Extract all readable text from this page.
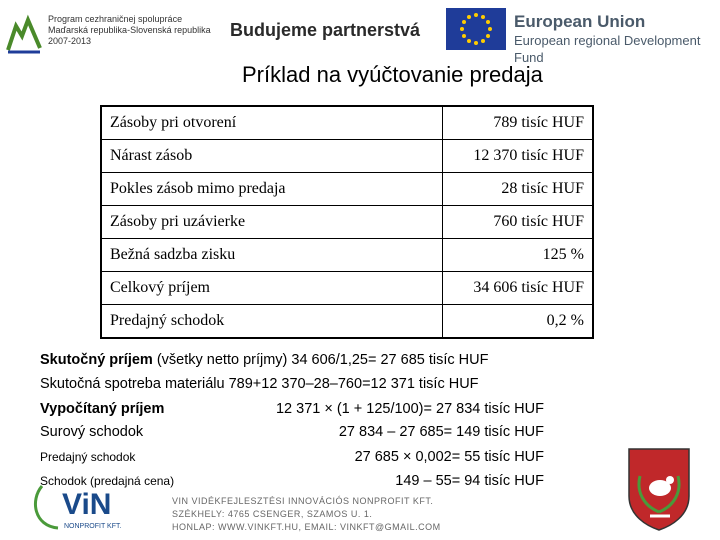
Program cezhraničnej spolupráce
Maďarská republika-Slovenská republika
2007-2013
Budujeme partnerstvá	European Union
European regional Development Fund
Príklad na vyúčtovanie predaja
Zásoby pri otvorení	789 tisíc HUF
Nárast zásob	12 370 tisíc HUF
Pokles zásob mimo predaja	28 tisíc HUF
Zásoby pri uzávierke	760 tisíc HUF
Bežná sadzba zisku	125 %
Celkový príjem	34 606 tisíc HUF
Predajný schodok	0,2 %
Skutočný príjem (všetky netto príjmy) 34 606/1,25= 27 685 tisíc HUF
Skutočná spotreba materiálu 789+12 370–28–760=12 371 tisíc HUF
Vypočítaný príjem	12 371 × (1 + 125/100)= 27 834 tisíc HUF
Surový schodok	27 834 – 27 685= 149 tisíc HUF
Predajný schodok	27 685 × 0,002= 55 tisíc HUF
Schodok (predajná cena)	149 – 55= 94 tisíc HUF
ViN
NONPROFIT KFT.
VIN VIDÉKFEJLESZTÉSI INNOVÁCIÓS NONPROFIT KFT.
SZÉKHELY: 4765 CSENGER, SZAMOS U. 1.
HONLAP: WWW.VINKFT.HU, EMAIL: VINKFT@GMAIL.COM
